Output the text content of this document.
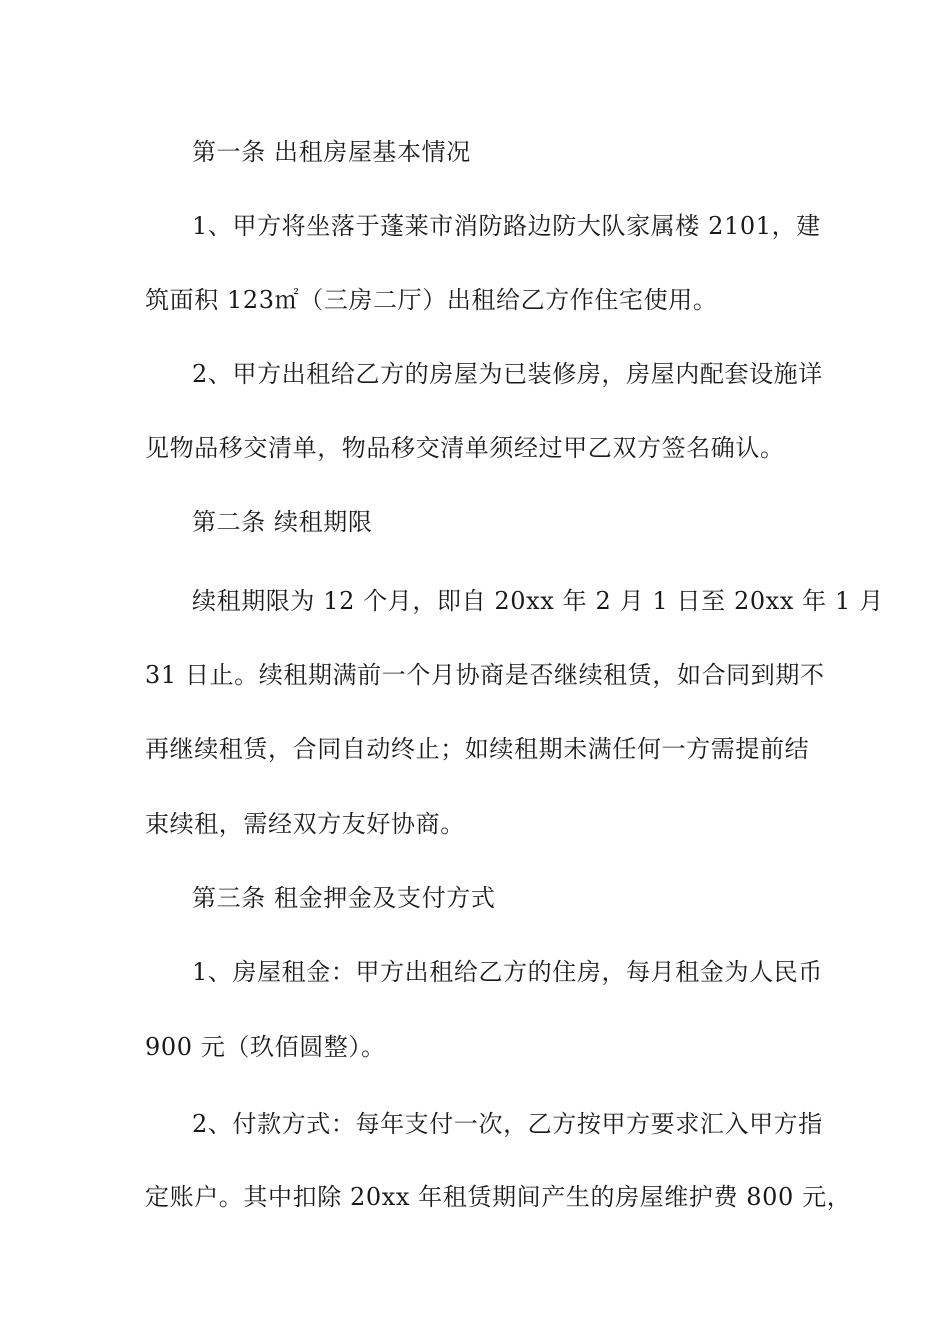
第一条 出租房屋基本情况
1、甲方将坐落于蓬莱市消防路边防大队家属楼 2101，建
筑面积 123㎡（三房二厅）出租给乙方作住宅使用。
2、甲方出租给乙方的房屋为已装修房，房屋内配套设施详
见物品移交清单，物品移交清单须经过甲乙双方签名确认。
第二条 续租期限
续租期限为 12 个月，即自 20xx 年 2 月 1 日至 20xx 年 1 月
31 日止。续租期满前一个月协商是否继续租赁，如合同到期不
再继续租赁，合同自动终止；如续租期未满任何一方需提前结
束续租，需经双方友好协商。
第三条 租金押金及支付方式
1、房屋租金：甲方出租给乙方的住房，每月租金为人民币
900 元（玖佰圆整）。
2、付款方式：每年支付一次，乙方按甲方要求汇入甲方指
定账户。其中扣除 20xx 年租赁期间产生的房屋维护费 800 元，
